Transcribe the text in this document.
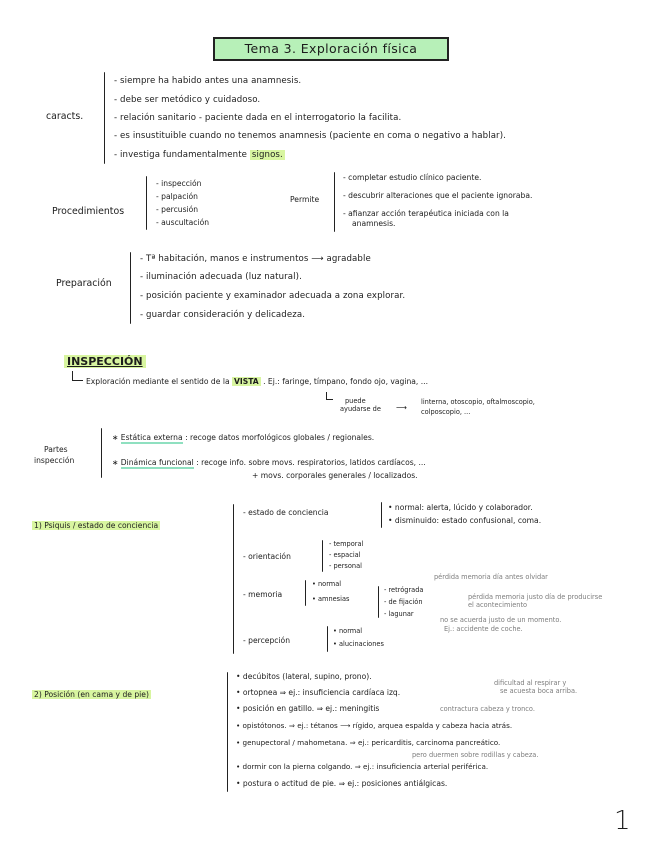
Tema 3. Exploración física
caracts.
- siempre ha habido antes una anamnesis.
- debe ser metódico y cuidadoso.
- relación sanitario - paciente dada en el interrogatorio la facilita.
- es insustituible cuando no tenemos anamnesis (paciente en coma o negativo a hablar).
- investiga fundamentalmente signos.
Procedimientos
- inspección
- palpación
- percusión
- auscultación
Permite
- completar estudio clínico paciente.
- descubrir alteraciones que el paciente ignoraba.
- afianzar acción terapéutica iniciada con la
anamnesis.
Preparación
- Tª habitación, manos e instrumentos ⟶ agradable
- iluminación adecuada (luz natural).
- posición paciente y examinador adecuada a zona explorar.
- guardar consideración y delicadeza.
INSPECCIÓN
Exploración mediante el sentido de la VISTA . Ej.: faringe, tímpano, fondo ojo, vagina, ...
puede
ayudarse de ⟶
linterna, otoscopio, oftalmoscopio,
colposcopio, ...
Partes
inspección
∗ Estática externa : recoge datos morfológicos globales / regionales.
∗ Dinámica funcional : recoge info. sobre movs. respiratorios, latidos cardíacos, ...
+ movs. corporales generales / localizados.
1) Psiquis / estado de conciencia
- estado de conciencia
• normal: alerta, lúcido y colaborador.
• disminuido: estado confusional, coma.
- orientación
- temporal
- espacial
- personal
- memoria
• normal
• amnesias
- retrógrada
- de fijación
- lagunar
pérdida memoria día antes olvidar
pérdida memoria justo día de producirse
el acontecimiento
no se acuerda justo de un momento.
Ej.: accidente de coche.
- percepción
• normal
• alucinaciones
2) Posición (en cama y de pie)
• decúbitos (lateral, supino, prono).
• ortopnea ⇒ ej.: insuficiencia cardíaca izq.
• posición en gatillo. ⇒ ej.: meningitis
• opistótonos. ⇒ ej.: tétanos ⟶ rígido, arquea espalda y cabeza hacia atrás.
• genupectoral / mahometana. ⇒ ej.: pericarditis, carcinoma pancreático.
• dormir con la pierna colgando. ⇒ ej.: insuficiencia arterial periférica.
• postura o actitud de pie. ⇒ ej.: posiciones antiálgicas.
dificultad al respirar y
se acuesta boca arriba.
contractura cabeza y tronco.
pero duermen sobre rodillas y cabeza.
1
